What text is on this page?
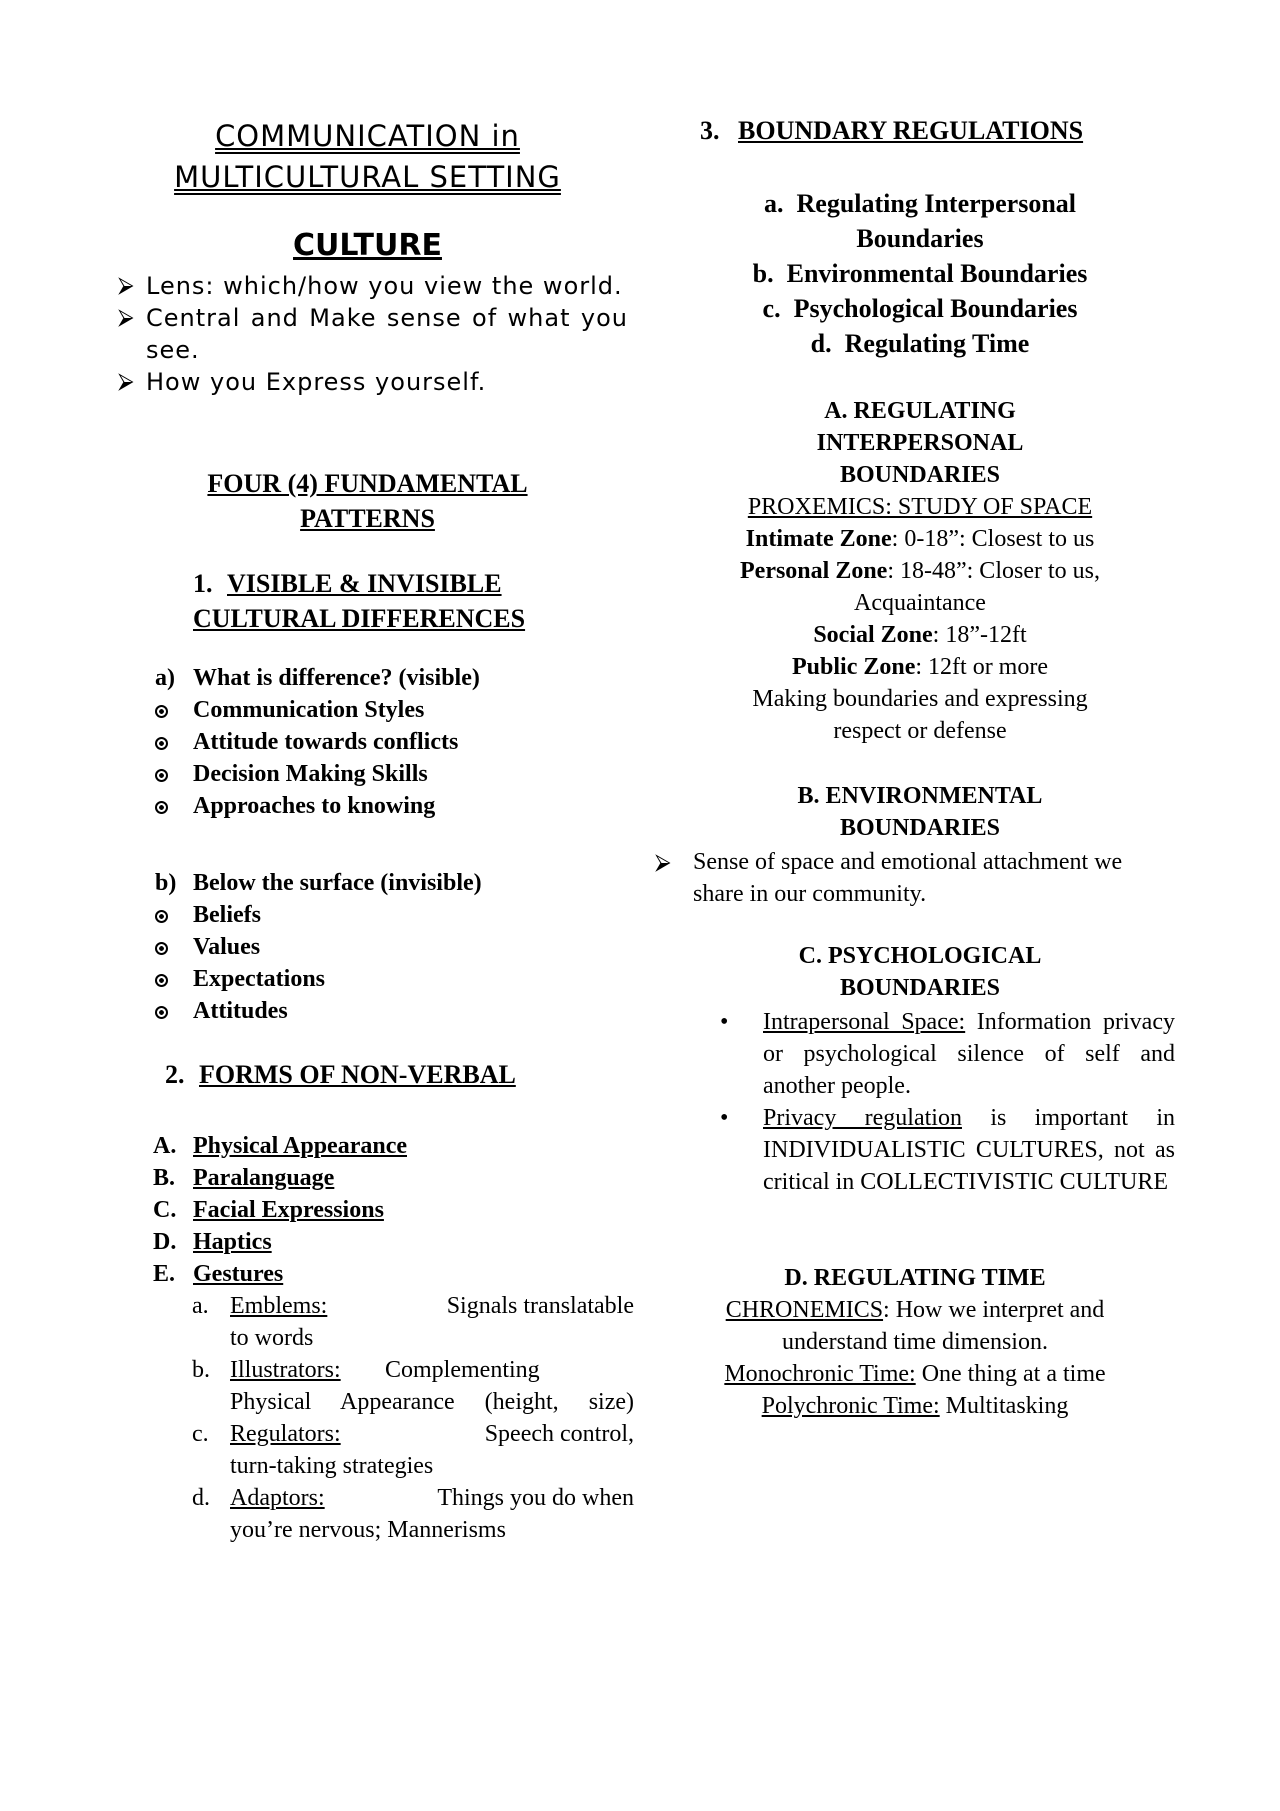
COMMUNICATION in
MULTICULTURAL SETTING
CULTURE
⮚ Lens: which/how you view the world.
⮚ Central and Make sense of what you see.
⮚ How you Express yourself.
FOUR (4) FUNDAMENTAL
PATTERNS
1. VISIBLE & INVISIBLE
CULTURAL DIFFERENCES
a) What is difference? (visible)
Communication Styles
Attitude towards conflicts
Decision Making Skills
Approaches to knowing
b) Below the surface (invisible)
Beliefs
Values
Expectations
Attitudes
2. FORMS OF NON-VERBAL
A. Physical Appearance
B. Paralanguage
C. Facial Expressions
D. Haptics
E. Gestures
a. Emblems:	Signals translatable
to words
b. Illustrators: Complementing
Physical Appearance (height, size)
c. Regulators:	Speech control,
turn-taking strategies
d. Adaptors:	Things you do when
you’re nervous; Mannerisms
3. BOUNDARY REGULATIONS
a. Regulating Interpersonal
Boundaries
b. Environmental Boundaries
c. Psychological Boundaries
d. Regulating Time
A. REGULATING
INTERPERSONAL
BOUNDARIES
PROXEMICS: STUDY OF SPACE
Intimate Zone: 0-18”: Closest to us
Personal Zone: 18-48”: Closer to us,
Acquaintance
Social Zone: 18”-12ft
Public Zone: 12ft or more
Making boundaries and expressing
respect or defense
B. ENVIRONMENTAL
BOUNDARIES
⮚ Sense of space and emotional attachment we share in our community.
C. PSYCHOLOGICAL
BOUNDARIES
• Intrapersonal Space: Information privacy or psychological silence of self and another people.
• Privacy regulation is important in INDIVIDUALISTIC CULTURES, not as critical in COLLECTIVISTIC CULTURE
D. REGULATING TIME
CHRONEMICS: How we interpret and understand time dimension.
Monochronic Time: One thing at a time
Polychronic Time: Multitasking
